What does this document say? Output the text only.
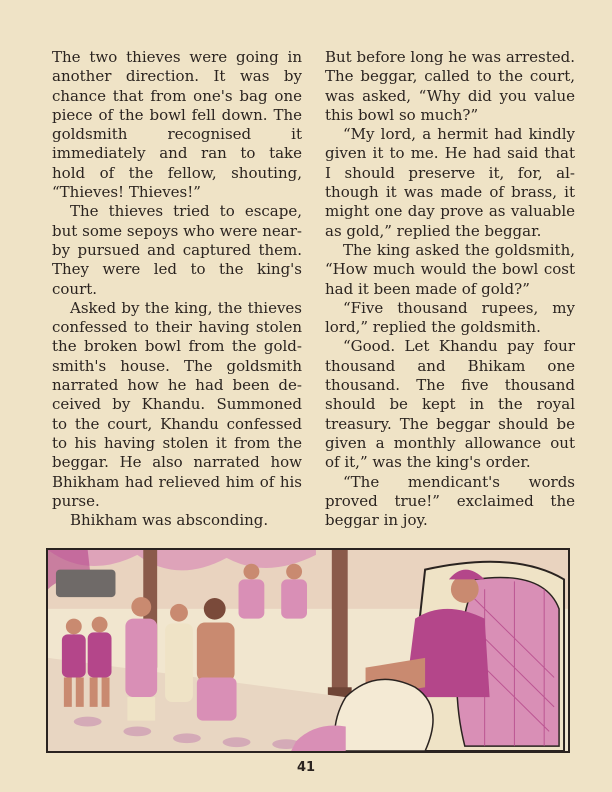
The two thieves were going in another direction. It was by chance that from one's bag one piece of the bowl fell down. The goldsmith recognised it immediately and ran to take hold of the fellow, shouting, “Thieves! Thieves!”

The thieves tried to escape, but some sepoys who were nearby pursued and captured them. They were led to the king's court.

Asked by the king, the thieves confessed to their having stolen the broken bowl from the goldsmith's house. The goldsmith narrated how he had been deceived by Khandu. Summoned to the court, Khandu confessed to his having stolen it from the beggar. He also narrated how Bhikham had relieved him of his purse.

Bhikham was absconding.

But before long he was arrested. The beggar, called to the court, was asked, “Why did you value this bowl so much?”

“My lord, a hermit had kindly given it to me. He had said that I should preserve it, for, although it was made of brass, it might one day prove as valuable as gold,” replied the beggar.

The king asked the goldsmith, “How much would the bowl cost had it been made of gold?”

“Five thousand rupees, my lord,” replied the goldsmith.

“Good. Let Khandu pay four thousand and Bhikam one thousand. The five thousand should be kept in the royal treasury. The beggar should be given a monthly allowance out of it,” was the king's order.

“The mendicant's words proved true!” exclaimed the beggar in joy.

41
